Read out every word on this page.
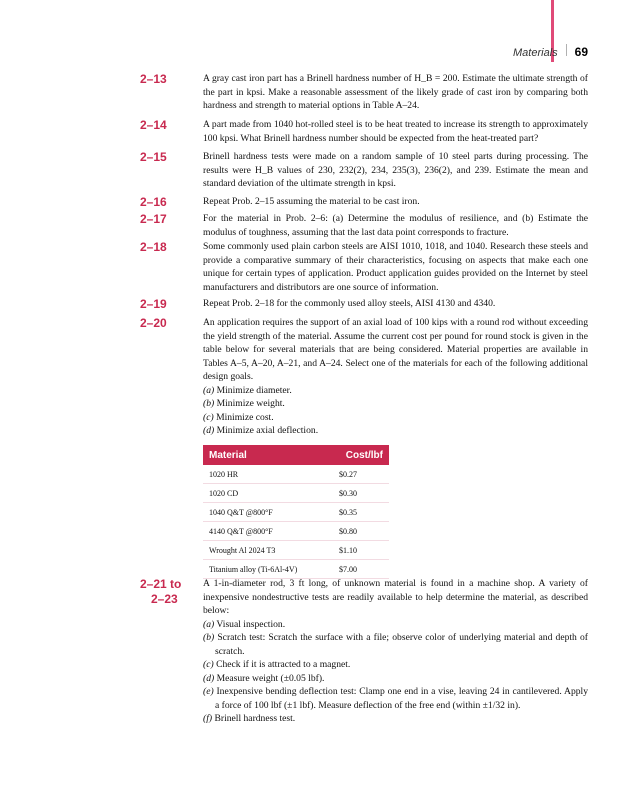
Materials 69
2–13	A gray cast iron part has a Brinell hardness number of H_B = 200. Estimate the ultimate strength of the part in kpsi. Make a reasonable assessment of the likely grade of cast iron by comparing both hardness and strength to material options in Table A–24.
2–14	A part made from 1040 hot-rolled steel is to be heat treated to increase its strength to approximately 100 kpsi. What Brinell hardness number should be expected from the heat-treated part?
2–15	Brinell hardness tests were made on a random sample of 10 steel parts during processing. The results were H_B values of 230, 232(2), 234, 235(3), 236(2), and 239. Estimate the mean and standard deviation of the ultimate strength in kpsi.
2–16	Repeat Prob. 2–15 assuming the material to be cast iron.
2–17	For the material in Prob. 2–6: (a) Determine the modulus of resilience, and (b) Estimate the modulus of toughness, assuming that the last data point corresponds to fracture.
2–18	Some commonly used plain carbon steels are AISI 1010, 1018, and 1040. Research these steels and provide a comparative summary of their characteristics, focusing on aspects that make each one unique for certain types of application. Product application guides provided on the Internet by steel manufacturers and distributors are one source of information.
2–19	Repeat Prob. 2–18 for the commonly used alloy steels, AISI 4130 and 4340.
2–20	An application requires the support of an axial load of 100 kips with a round rod without exceeding the yield strength of the material. Assume the current cost per pound for round stock is given in the table below for several materials that are being considered. Material properties are available in Tables A–5, A–20, A–21, and A–24. Select one of the materials for each of the following additional design goals.

(a) Minimize diameter.

(b) Minimize weight.

(c) Minimize cost.

(d) Minimize axial deflection.

Material	Cost/lbf
1020 HR	$0.27
1020 CD	$0.30
1040 Q&T @800°F	$0.35
4140 Q&T @800°F	$0.80
Wrought Al 2024 T3	$1.10
Titanium alloy (Ti-6Al-4V)	$7.00
2–21 to
2–23

A 1-in-diameter rod, 3 ft long, of unknown material is found in a machine shop. A variety of inexpensive nondestructive tests are readily available to help determine the material, as described below:

(a) Visual inspection.

(b) Scratch test: Scratch the surface with a file; observe color of underlying material and depth of scratch.

(c) Check if it is attracted to a magnet.

(d) Measure weight (±0.05 lbf).

(e) Inexpensive bending deflection test: Clamp one end in a vise, leaving 24 in cantilevered. Apply a force of 100 lbf (±1 lbf). Measure deflection of the free end (within ±1/32 in).

(f) Brinell hardness test.
